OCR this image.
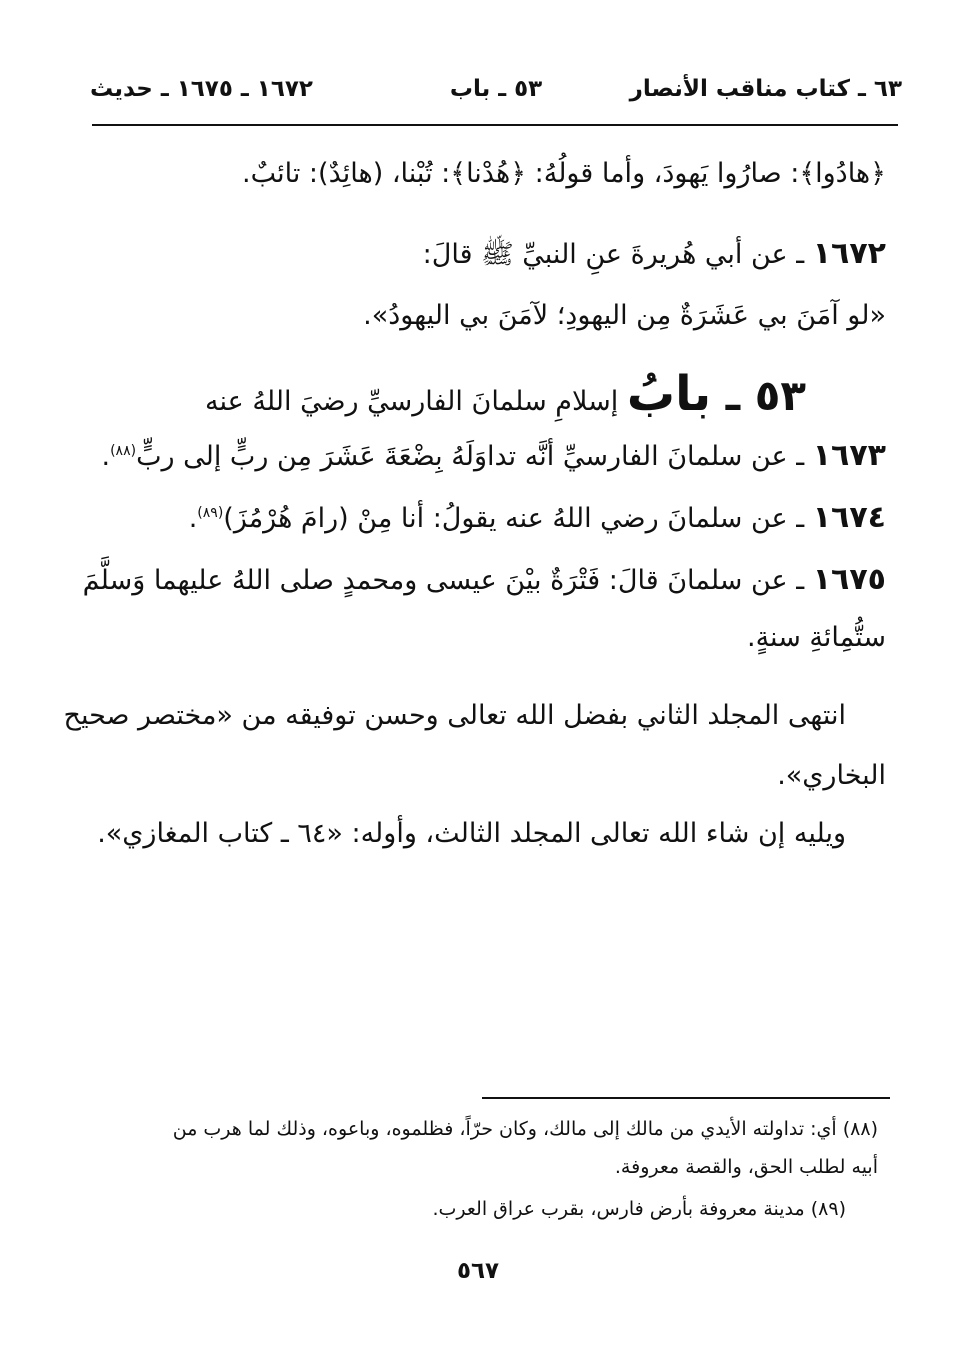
٦٣ ـ كتاب مناقب الأنصار
٥٣ ـ باب
١٦٧٢ ـ ١٦٧٥ ـ حديث
﴿هادُوا﴾: صارُوا يَهودَ، وأما قولُهُ: ﴿هُدْنا﴾: تُبْنا، (هائِدٌ): تائبٌ.
١٦٧٢ ـ عن أبي هُريرةَ عنِ النبيِّ ﷺ قالَ:
«لو آمَنَ بي عَشَرَةٌ مِن اليهودِ؛ لآمَنَ بي اليهودُ».
٥٣ ـ بابُ إسلامِ سلمانَ الفارسيِّ رضيَ اللهُ عنه
١٦٧٣ ـ عن سلمانَ الفارسيِّ أنَّه تداوَلَهُ بِضْعَةَ عَشَرَ مِن ربٍّ إلى ربٍّ$^{(٨٨)}$.
١٦٧٤ ـ عن سلمانَ رضي اللهُ عنه يقولُ: أنا مِنْ (رامَ هُرْمُزَ)$^{(٨٩)}$.
١٦٧٥ ـ عن سلمانَ قالَ: فَتْرَةٌ بيْنَ عيسى ومحمدٍ صلى اللهُ عليهما وَسلَّمَ
ستُّمِائةِ سنةٍ.
انتهى المجلد الثاني بفضل الله تعالى وحسن توفيقه من «مختصر صحيح
البخاري».
ويليه إن شاء الله تعالى المجلد الثالث، وأوله: «٦٤ ـ كتاب المغازي».
(٨٨) أي: تداولته الأيدي من مالك إلى مالك، وكان حرّاً، فظلموه، وباعوه، وذلك لما هرب من
أبيه لطلب الحق، والقصة معروفة.
(٨٩) مدينة معروفة بأرض فارس، بقرب عراق العرب.
٥٦٧
